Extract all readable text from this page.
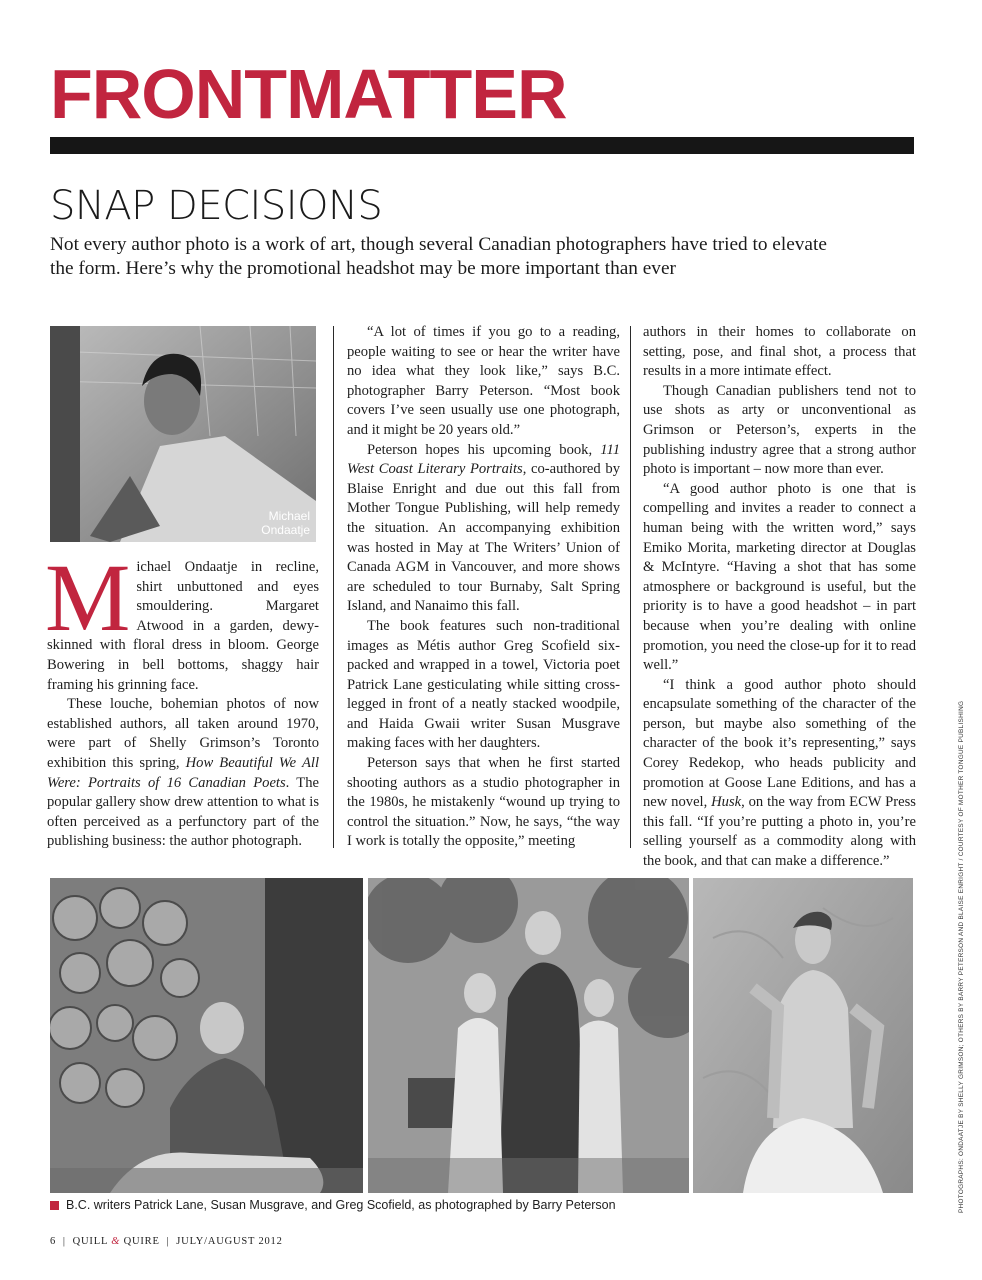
FRONTMATTER
SNAP DECISIONS

Not every author photo is a work of art, though several Canadian photographers have tried to elevate the form. Here’s why the promotional headshot may be more important than ever

Michael Ondaatje

Michael Ondaatje in recline, shirt unbuttoned and eyes smouldering. Margaret Atwood in a garden, dewy-skinned with floral dress in bloom. George Bowering in bell bottoms, shaggy hair framing his grinning face.

These louche, bohemian photos of now established authors, all taken around 1970, were part of Shelly Grimson’s Toronto exhibition this spring, How Beautiful We All Were: Portraits of 16 Canadian Poets. The popular gallery show drew attention to what is often perceived as a perfunctory part of the publishing business: the author photograph.

“A lot of times if you go to a reading, people waiting to see or hear the writer have no idea what they look like,” says B.C. photographer Barry Peterson. “Most book covers I’ve seen usually use one photograph, and it might be 20 years old.”

Peterson hopes his upcoming book, 111 West Coast Literary Portraits, co-authored by Blaise Enright and due out this fall from Mother Tongue Publishing, will help remedy the situation. An accompanying exhibition was hosted in May at The Writers’ Union of Canada AGM in Vancouver, and more shows are scheduled to tour Burnaby, Salt Spring Island, and Nanaimo this fall.

The book features such non-traditional images as Métis author Greg Scofield six-packed and wrapped in a towel, Victoria poet Patrick Lane gesticulating while sitting cross-legged in front of a neatly stacked woodpile, and Haida Gwaii writer Susan Musgrave making faces with her daughters.

Peterson says that when he first started shooting authors as a studio photographer in the 1980s, he mistakenly “wound up trying to control the situation.” Now, he says, “the way I work is totally the opposite,” meeting

authors in their homes to collaborate on setting, pose, and final shot, a process that results in a more intimate effect.

Though Canadian publishers tend not to use shots as arty or unconventional as Grimson or Peterson’s, experts in the publishing industry agree that a strong author photo is important – now more than ever.

“A good author photo is one that is compelling and invites a reader to connect a human being with the written word,” says Emiko Morita, marketing director at Douglas & McIntyre. “Having a shot that has some atmosphere or background is useful, but the priority is to have a good headshot – in part because when you’re dealing with online promotion, you need the close-up for it to read well.”

“I think a good author photo should encapsulate something of the character of the person, but maybe also something of the character of the book it’s representing,” says Corey Redekop, who heads publicity and promotion at Goose Lane Editions, and has a new novel, Husk, on the way from ECW Press this fall. “If you’re putting a photo in, you’re selling yourself as a commodity along with the book, and that can make a difference.”

B.C. writers Patrick Lane, Susan Musgrave, and Greg Scofield, as photographed by Barry Peterson	PHOTOGRAPHS: ONDAATJE BY SHELLY GRIMSON; OTHERS BY BARRY PETERSON AND BLAISE ENRIGHT / COURTESY OF MOTHER TONGUE PUBLISHING
6  |  QUILL & QUIRE  |  JULY/AUGUST 2012
